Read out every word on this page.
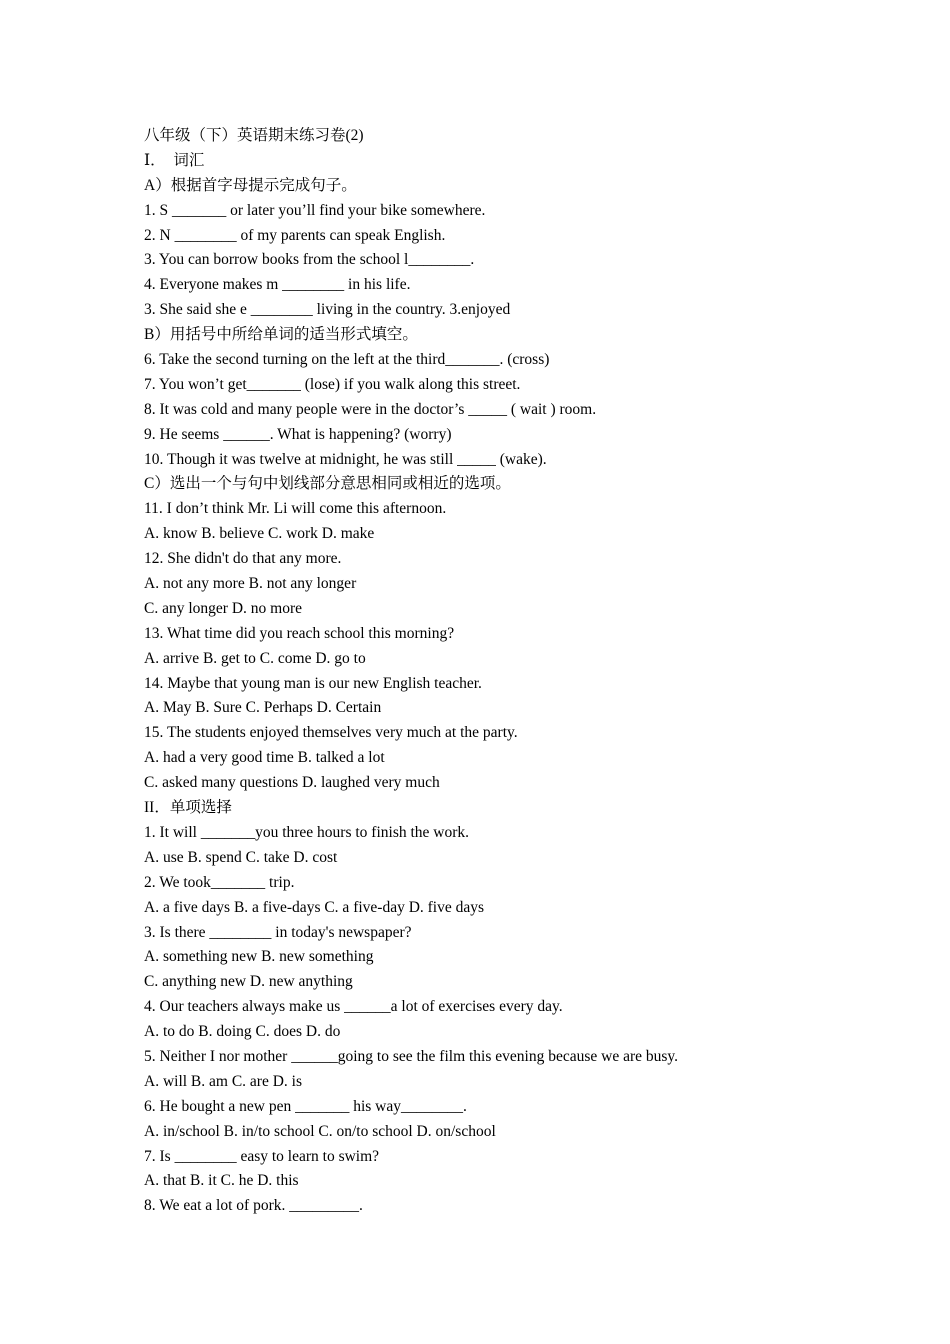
八年级（下）英语期末练习卷(2)
Ⅰ．  词汇
A）根据首字母提示完成句子。
1. S _______ or later you’ll find your bike somewhere.
2. N ________ of my parents can speak English.
3. You can borrow books from the school l________.
4. Everyone makes m ________ in his life.
3. She said she e ________ living in the country. 3.enjoyed
B）用括号中所给单词的适当形式填空。
6. Take the second turning on the left at the third_______. (cross)
7. You won’t get_______ (lose) if you walk along this street.
8. It was cold and many people were in the doctor’s _____ ( wait ) room.
9. He seems ______. What is happening? (worry)
10. Though it was twelve at midnight, he was still _____ (wake).
C）选出一个与句中划线部分意思相同或相近的选项。
11. I don’t think Mr. Li will come this afternoon.
A. know B. believe C. work D. make
12. She didn't do that any more.
A. not any more B. not any longer
C. any longer D. no more
13. What time did you reach school this morning?
A. arrive B. get to C. come D. go to
14. Maybe that young man is our new English teacher.
A. May B. Sure C. Perhaps D. Certain
15. The students enjoyed themselves very much at the party.
A. had a very good time B. talked a lot
C. asked many questions D. laughed very much
II．单项选择
1. It will _______you three hours to finish the work.
A. use B. spend C. take D. cost
2. We took_______ trip.
A. a five days B. a five-days C. a five-day D. five days
3. Is there ________ in today's newspaper?
A. something new B. new something
C. anything new D. new anything
4. Our teachers always make us ______a lot of exercises every day.
A. to do B. doing C. does D. do
5. Neither I nor mother ______going to see the film this evening because we are busy.
A. will B. am C. are D. is
6. He bought a new pen _______ his way________.
A. in/school B. in/to school C. on/to school D. on/school
7. Is ________ easy to learn to swim?
A. that B. it C. he D. this
8. We eat a lot of pork. _________.
